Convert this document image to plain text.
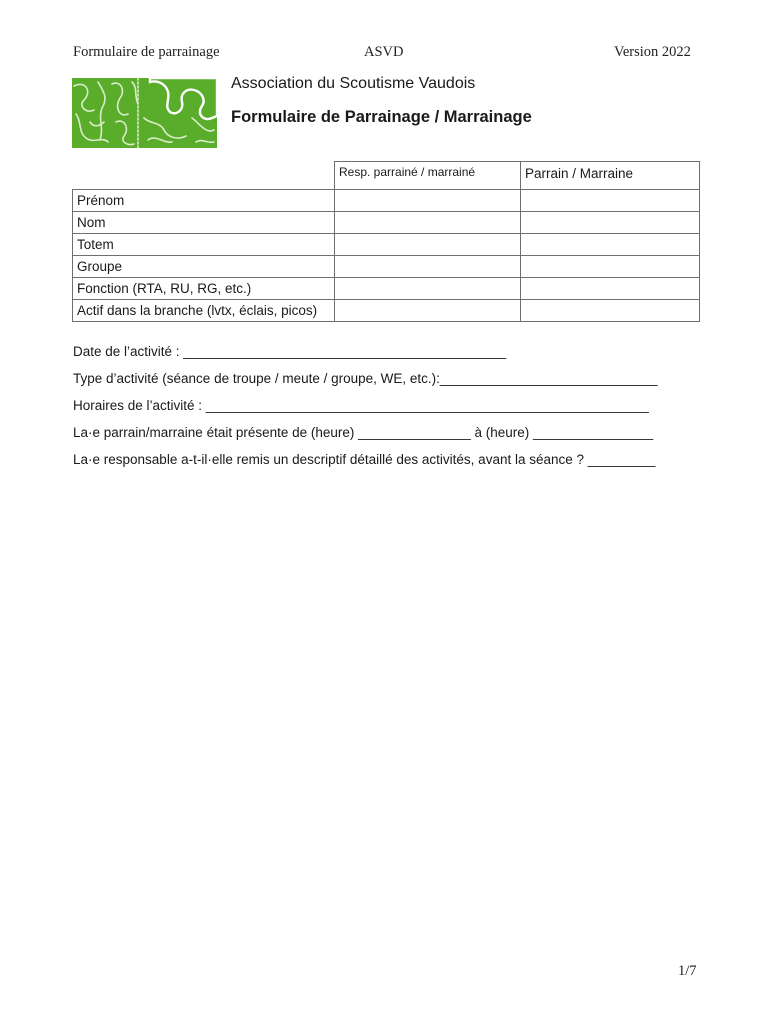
Formulaire de parrainage	ASVD	Version 2022
Association du Scoutisme Vaudois
Formulaire de Parrainage / Marrainage
	Resp. parrainé / marrainé	Parrain / Marraine
Prénom		
Nom		
Totem		
Groupe		
Fonction (RTA, RU, RG, etc.)		
Actif dans la branche (lvtx, éclais, picos)		
Date de l’activité : ___________________________________________
Type d’activité (séance de troupe / meute / groupe, WE, etc.):_____________________________
Horaires de l’activité : ___________________________________________________________
La·e parrain/marraine était présente de (heure) _______________ à (heure) ________________
La·e responsable a-t-il·elle remis un descriptif détaillé des activités, avant la séance ? _________
1/7
